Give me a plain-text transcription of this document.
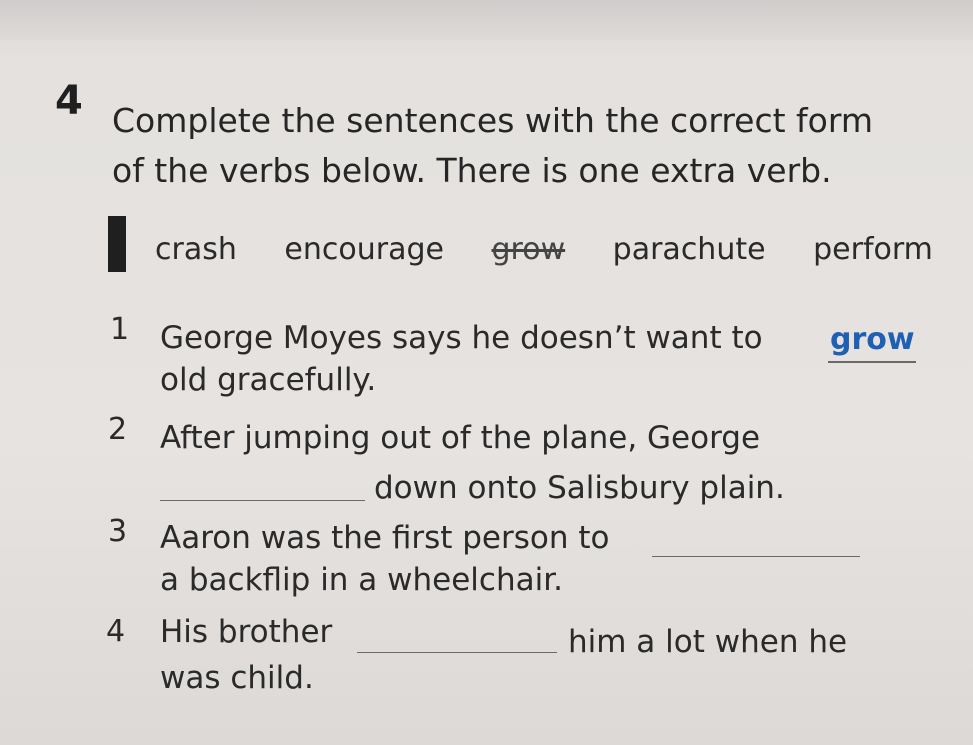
4 Complete the sentences with the correct form
of the verbs below. There is one extra verb.
crash encourage grow parachute perform
1 George Moyes says he doesn’t want to grow
old gracefully.
2 After jumping out of the plane, George
down onto Salisbury plain.
3 Aaron was the first person to
a backflip in a wheelchair.
4 His brother	him a lot when he
was child.
